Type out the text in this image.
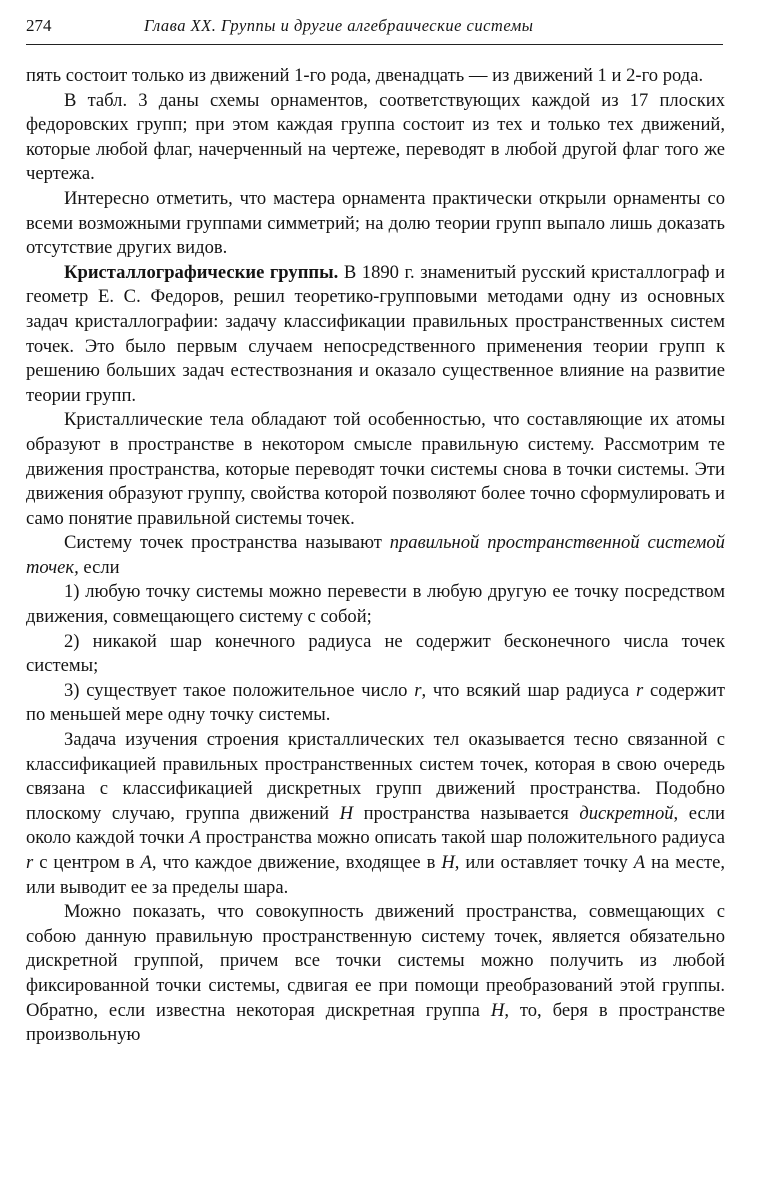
274	Глава XX. Группы и другие алгебраические системы

пять состоит только из движений 1-го рода, двенадцать — из движений 1 и 2-го рода.

В табл. 3 даны схемы орнаментов, соответствующих каждой из 17 плоских федоровских групп; при этом каждая группа состоит из тех и только тех движений, которые любой флаг, начерченный на чертеже, переводят в любой другой флаг того же чертежа.

Интересно отметить, что мастера орнамента практически открыли орнаменты со всеми возможными группами симметрий; на долю теории групп выпало лишь доказать отсутствие других видов.

Кристаллографические группы. В 1890 г. знаменитый русский кристаллограф и геометр Е. С. Федоров, решил теоретико-групповыми методами одну из основных задач кристаллографии: задачу классификации правильных пространственных систем точек. Это было первым случаем непосредственного применения теории групп к решению больших задач естествознания и оказало существенное влияние на развитие теории групп.

Кристаллические тела обладают той особенностью, что составляющие их атомы образуют в пространстве в некотором смысле правильную систему. Рассмотрим те движения пространства, которые переводят точки системы снова в точки системы. Эти движения образуют группу, свойства которой позволяют более точно сформулировать и само понятие правильной системы точек.

Систему точек пространства называют правильной пространственной системой точек, если

1) любую точку системы можно перевести в любую другую ее точку посредством движения, совмещающего систему с собой;

2) никакой шар конечного радиуса не содержит бесконечного числа точек системы;

3) существует такое положительное число r, что всякий шар радиуса r содержит по меньшей мере одну точку системы.

Задача изучения строения кристаллических тел оказывается тесно связанной с классификацией правильных пространственных систем точек, которая в свою очередь связана с классификацией дискретных групп движений пространства. Подобно плоскому случаю, группа движений H пространства называется дискретной, если около каждой точки A пространства можно описать такой шар положительного радиуса r с центром в A, что каждое движение, входящее в H, или оставляет точку A на месте, или выводит ее за пределы шара.

Можно показать, что совокупность движений пространства, совмещающих с собою данную правильную пространственную систему точек, является обязательно дискретной группой, причем все точки системы можно получить из любой фиксированной точки системы, сдвигая ее при помощи преобразований этой группы. Обратно, если известна некоторая дискретная группа H, то, беря в пространстве произвольную
